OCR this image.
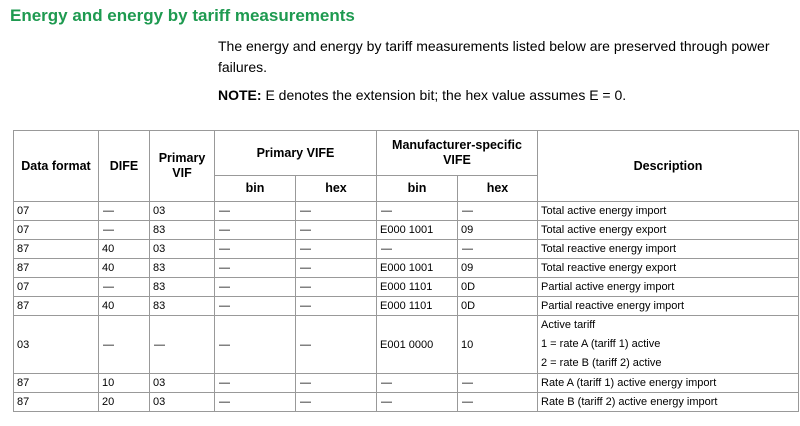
Energy and energy by tariff measurements

The energy and energy by tariff measurements listed below are preserved through power failures.

NOTE: E denotes the extension bit; the hex value assumes E = 0.

Data format	DIFE	Primary VIF	Primary VIFE		Manufacturer-specific VIFE		Description
			bin	hex	bin	hex	
07	—	03	—	—	—	—	Total active energy import
07	—	83	—	—	E000 1001	09	Total active energy export
87	40	03	—	—	—	—	Total reactive energy import
87	40	83	—	—	E000 1001	09	Total reactive energy export
07	—	83	—	—	E000 1101	0D	Partial active energy import
87	40	83	—	—	E000 1101	0D	Partial reactive energy import
03	—	—	—	—	E001 0000	10	Active tariff
1 = rate A (tariff 1) active
2 = rate B (tariff 2) active

87	10	03	—	—	—	—	Rate A (tariff 1) active energy import
87	20	03	—	—	—	—	Rate B (tariff 2) active energy import
